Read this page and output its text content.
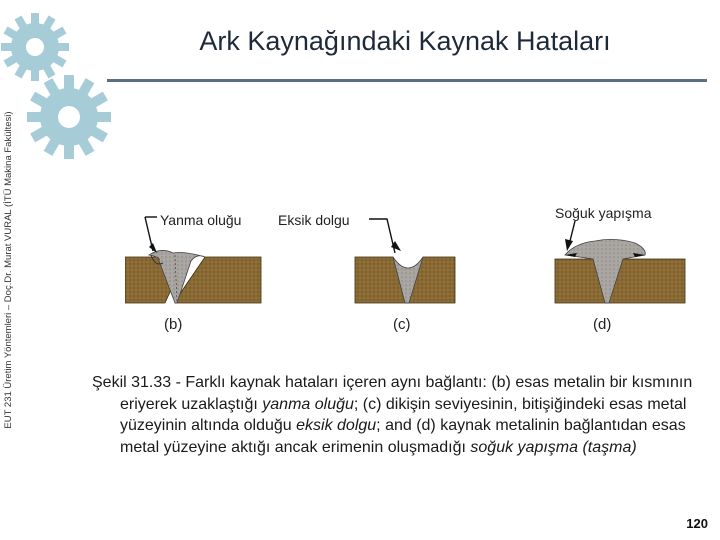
EUT 231 Üretim Yöntemleri – Doç.Dr. Murat VURAL (İTÜ Makina Fakültesi)
Ark Kaynağındaki Kaynak Hataları
Yanma oluğu	Eksik dolgu	Soğuk yapışma
(b)	(c)	(d)
Şekil 31.33 ‑ Farklı kaynak hataları içeren aynı bağlantı: (b) esas metalin bir kısmının eriyerek uzaklaştığı yanma oluğu; (c) dikişin seviyesinin, bitişiğindeki esas metal yüzeyinin altında olduğu eksik dolgu; and (d) kaynak metalinin bağlantıdan esas metal yüzeyine aktığı ancak erimenin oluşmadığı soğuk yapışma (taşma)
120
